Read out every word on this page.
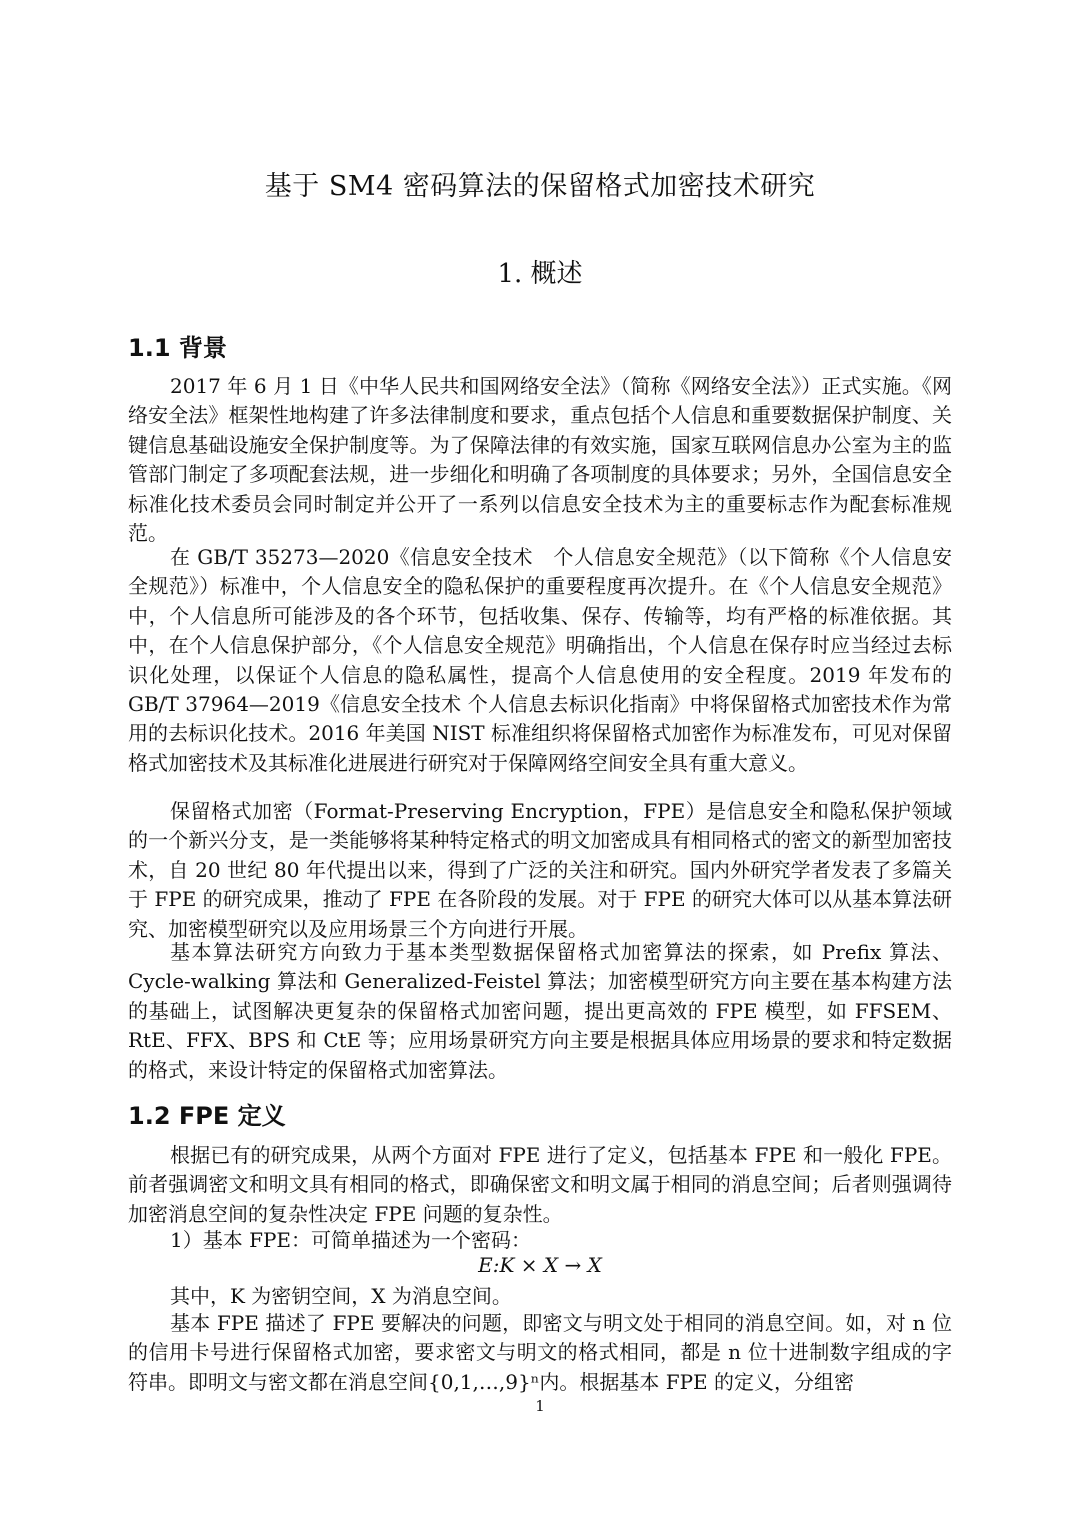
基于 SM4 密码算法的保留格式加密技术研究
1. 概述
1.1 背景
2017 年 6 月 1 日《中华人民共和国网络安全法》（简称《网络安全法》）正式实施。《网络安全法》框架性地构建了许多法律制度和要求，重点包括个人信息和重要数据保护制度、关键信息基础设施安全保护制度等。为了保障法律的有效实施，国家互联网信息办公室为主的监管部门制定了多项配套法规，进一步细化和明确了各项制度的具体要求；另外，全国信息安全标准化技术委员会同时制定并公开了一系列以信息安全技术为主的重要标志作为配套标准规范。
在 GB/T 35273—2020《信息安全技术　个人信息安全规范》（以下简称《个人信息安全规范》）标准中，个人信息安全的隐私保护的重要程度再次提升。在《个人信息安全规范》中，个人信息所可能涉及的各个环节，包括收集、保存、传输等，均有严格的标准依据。其中，在个人信息保护部分，《个人信息安全规范》明确指出，个人信息在保存时应当经过去标识化处理，以保证个人信息的隐私属性，提高个人信息使用的安全程度。2019 年发布的 GB/T 37964—2019《信息安全技术 个人信息去标识化指南》中将保留格式加密技术作为常用的去标识化技术。2016 年美国 NIST 标准组织将保留格式加密作为标准发布，可见对保留格式加密技术及其标准化进展进行研究对于保障网络空间安全具有重大意义。
保留格式加密（Format-Preserving Encryption，FPE）是信息安全和隐私保护领域的一个新兴分支，是一类能够将某种特定格式的明文加密成具有相同格式的密文的新型加密技术，自 20 世纪 80 年代提出以来，得到了广泛的关注和研究。国内外研究学者发表了多篇关于 FPE 的研究成果，推动了 FPE 在各阶段的发展。对于 FPE 的研究大体可以从基本算法研究、加密模型研究以及应用场景三个方向进行开展。
基本算法研究方向致力于基本类型数据保留格式加密算法的探索，如 Prefix 算法、Cycle-walking 算法和 Generalized-Feistel 算法；加密模型研究方向主要在基本构建方法的基础上，试图解决更复杂的保留格式加密问题，提出更高效的 FPE 模型，如 FFSEM、RtE、FFX、BPS 和 CtE 等；应用场景研究方向主要是根据具体应用场景的要求和特定数据的格式，来设计特定的保留格式加密算法。
1.2 FPE 定义
根据已有的研究成果，从两个方面对 FPE 进行了定义，包括基本 FPE 和一般化 FPE。前者强调密文和明文具有相同的格式，即确保密文和明文属于相同的消息空间；后者则强调待加密消息空间的复杂性决定 FPE 问题的复杂性。
1）基本 FPE：可简单描述为一个密码：
E:K × X → X
其中，K 为密钥空间，X 为消息空间。
基本 FPE 描述了 FPE 要解决的问题，即密文与明文处于相同的消息空间。如，对 n 位的信用卡号进行保留格式加密，要求密文与明文的格式相同，都是 n 位十进制数字组成的字符串。即明文与密文都在消息空间{0,1,…,9}ⁿ内。根据基本 FPE 的定义，分组密
1
